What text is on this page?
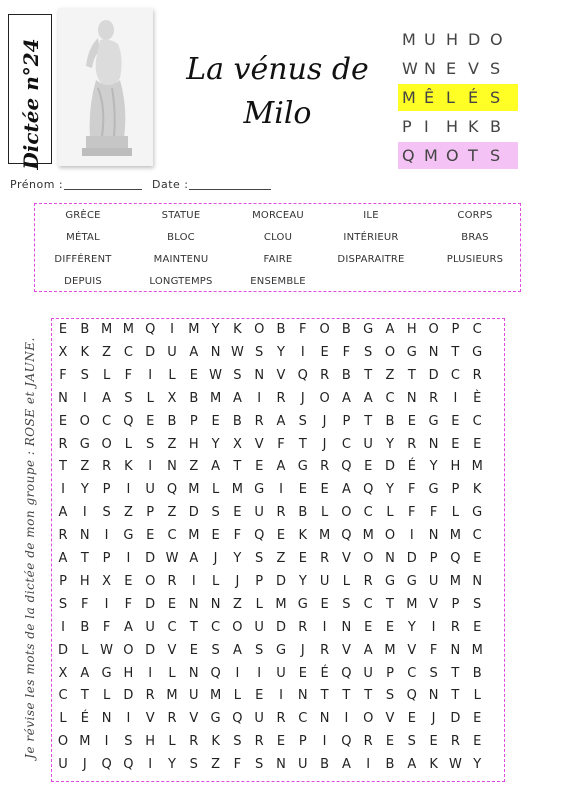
Dictée n°24	La vénus de
Milo
M U H D O
W N E V S
M Ê L É S
P I	H K B
Q M O T S
Prénom :	Date :
GRÈCE	STATUE	MORCEAU	ILE	CORPS
MÉTAL	BLOC	CLOU	INTÉRIEUR	BRAS
DIFFÉRENT	MAINTENU	FAIRE	DISPARAITRE	PLUSIEURS
DEPUIS	LONGTEMPS	ENSEMBLE
Je révise les mots de la dictée de mon groupe : ROSE et JAUNE.
E	B M M Q	I	M Y	K O B	F O B G A H O P	C
X	K	Z C D U A N W S	Y	I	E	F	S O G N T G
F	S	L	F	I	L	E W S N V Q R B	T	Z	T D C R
N	I	A	S	L	X B M A	I	R	J	O A A C N R	I	È
E O C Q E	B	P	E	B R A	S	J	P	T	B	E G E	C
R G O	L	S	Z H Y	X V	F	T	J	C U	Y	R N E	E
T	Z R	K	I	N Z A	T	E	A G R Q E D É	Y H M
I	Y	P	I	U Q M L M G	I	E	E	A Q Y	F	G P	K
A	I	S	Z	P	Z D S	E U R B	L	O C	L	F	F	L	G
R N	I	G E	C M E	F Q E	K M Q M O	I	N M C
A	T	P	I	D W A	J	Y	S	Z	E	R V O N D P Q E
P H X	E O R	I	L	J	P D Y	U	L	R G G U M N
S	F	I	F	D E N N Z	L M G E	S	C	T M V	P	S
I	B	F	A U C	T	C O U D R	I	N E	E	Y	I	R	E
D	L W O D V	E	S	A	S G	J	R V A M V	F	N M
X A G H	I	L	N Q	I	I	U E	É Q U	P	C	S	T	B
C	T	L	D R M U M L	E	I	N T	T	T	S Q N T	L
L	É N	I	V R V G Q U R C N	I	O V	E	J	D E
O M	I	S H	L	R	K	S	R	E	P	I	Q R	E	S	E	R	E
U	J	Q Q	I	Y	S	Z	F	S N U B A	I	B A	K W Y
